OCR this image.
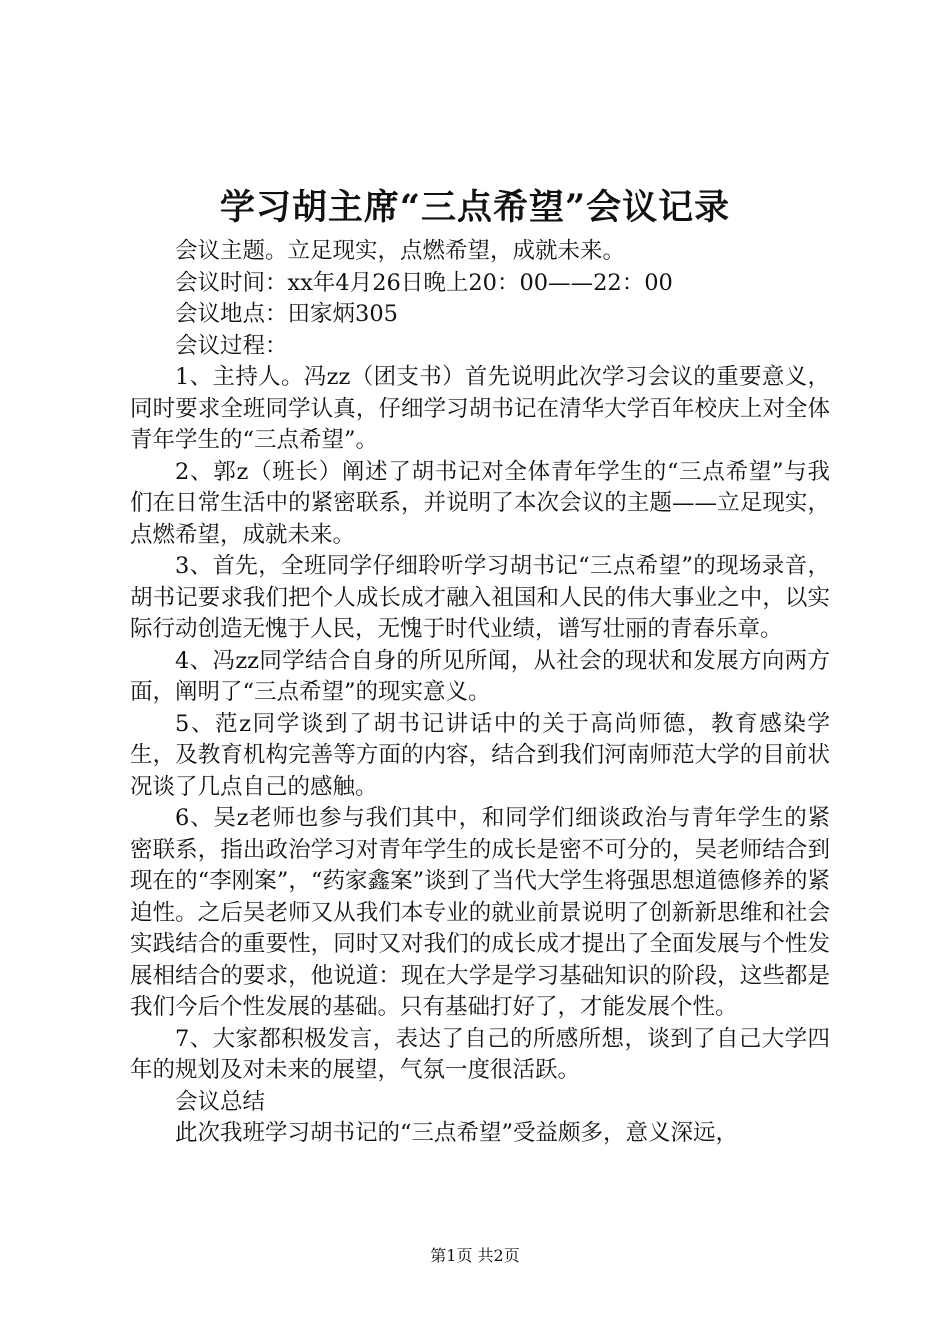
学习胡主席“三点希望”会议记录

会议主题。立足现实，点燃希望，成就未来。

会议时间：xx年4月26日晚上20：00——22：00

会议地点：田家炳305

会议过程：

1、主持人。冯zz（团支书）首先说明此次学习会议的重要意义，同时要求全班同学认真，仔细学习胡书记在清华大学百年校庆上对全体青年学生的“三点希望”。

2、郭z（班长）阐述了胡书记对全体青年学生的“三点希望”与我们在日常生活中的紧密联系，并说明了本次会议的主题——立足现实，点燃希望，成就未来。

3、首先，全班同学仔细聆听学习胡书记“三点希望”的现场录音，胡书记要求我们把个人成长成才融入祖国和人民的伟大事业之中，以实际行动创造无愧于人民，无愧于时代业绩，谱写壮丽的青春乐章。

4、冯zz同学结合自身的所见所闻，从社会的现状和发展方向两方面，阐明了“三点希望”的现实意义。

5、范z同学谈到了胡书记讲话中的关于高尚师德，教育感染学生，及教育机构完善等方面的内容，结合到我们河南师范大学的目前状况谈了几点自己的感触。

6、吴z老师也参与我们其中，和同学们细谈政治与青年学生的紧密联系，指出政治学习对青年学生的成长是密不可分的，吴老师结合到现在的“李刚案”，“药家鑫案”谈到了当代大学生将强思想道德修养的紧迫性。之后吴老师又从我们本专业的就业前景说明了创新新思维和社会实践结合的重要性，同时又对我们的成长成才提出了全面发展与个性发展相结合的要求，他说道：现在大学是学习基础知识的阶段，这些都是我们今后个性发展的基础。只有基础打好了，才能发展个性。

7、大家都积极发言，表达了自己的所感所想，谈到了自己大学四年的规划及对未来的展望，气氛一度很活跃。

会议总结

此次我班学习胡书记的“三点希望”受益颇多，意义深远，

第1页 共2页
